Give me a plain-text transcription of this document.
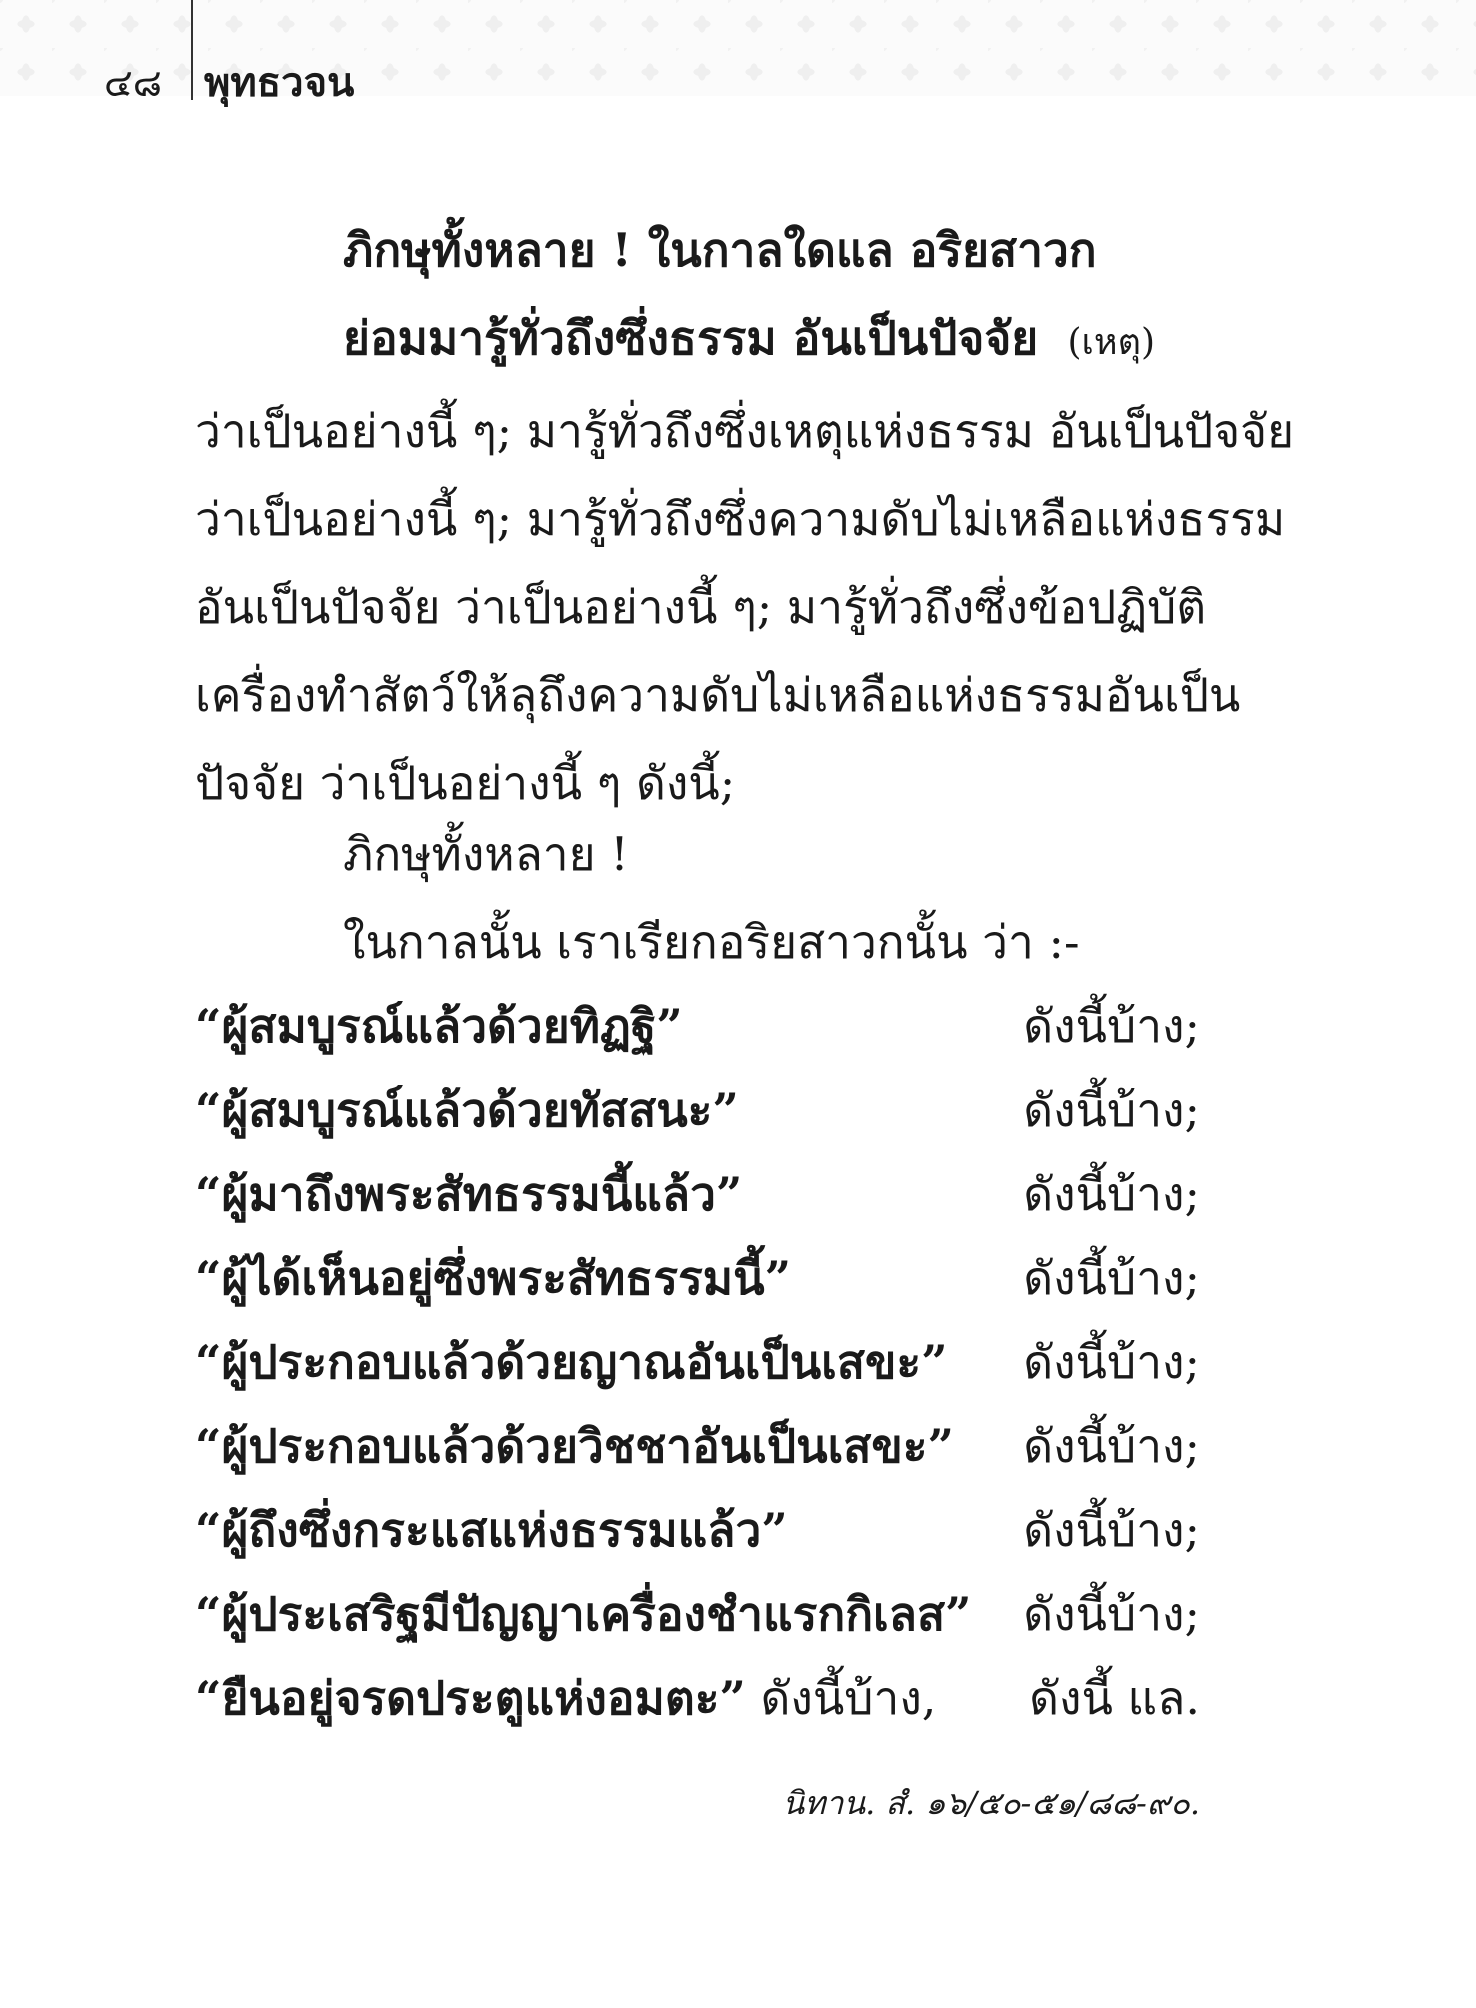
๔๘ พุทธวจน
ภิกษุทั้งหลาย ! ในกาลใดแล อริยสาวก
ย่อมมารู้ทั่วถึงซึ่งธรรม อันเป็นปัจจัย (เหตุ)
ว่าเป็นอย่างนี้ ๆ; มารู้ทั่วถึงซึ่งเหตุแห่งธรรม อันเป็นปัจจัย
ว่าเป็นอย่างนี้ ๆ; มารู้ทั่วถึงซึ่งความดับไม่เหลือแห่งธรรม
อันเป็นปัจจัย ว่าเป็นอย่างนี้ ๆ; มารู้ทั่วถึงซึ่งข้อปฏิบัติ
เครื่องทำสัตว์ให้ลุถึงความดับไม่เหลือแห่งธรรมอันเป็น
ปัจจัย ว่าเป็นอย่างนี้ ๆ ดังนี้;
ภิกษุทั้งหลาย !
ในกาลนั้น เราเรียกอริยสาวกนั้น ว่า :-
“ผู้สมบูรณ์แล้วด้วยทิฏฐิ”	ดังนี้บ้าง;
“ผู้สมบูรณ์แล้วด้วยทัสสนะ”	ดังนี้บ้าง;
“ผู้มาถึงพระสัทธรรมนี้แล้ว”	ดังนี้บ้าง;
“ผู้ได้เห็นอยู่ซึ่งพระสัทธรรมนี้”	ดังนี้บ้าง;
“ผู้ประกอบแล้วด้วยญาณอันเป็นเสขะ” ดังนี้บ้าง;
“ผู้ประกอบแล้วด้วยวิชชาอันเป็นเสขะ” ดังนี้บ้าง;
“ผู้ถึงซึ่งกระแสแห่งธรรมแล้ว”	ดังนี้บ้าง;
“ผู้ประเสริฐมีปัญญาเครื่องชำแรกกิเลส” ดังนี้บ้าง;
“ยืนอยู่จรดประตูแห่งอมตะ” ดังนี้บ้าง, ดังนี้ แล.
นิทาน. สํ. ๑๖/๕๐-๕๑/๘๘-๙๐.
